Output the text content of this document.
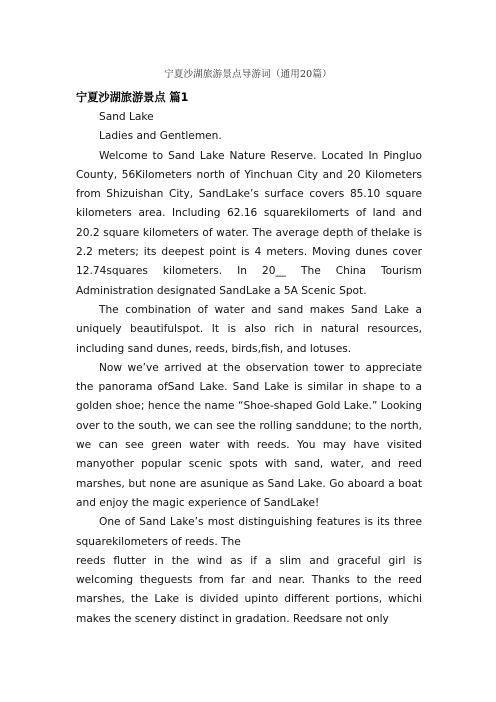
宁夏沙湖旅游景点导游词（通用20篇）
宁夏沙湖旅游景点 篇1

Sand Lake

Ladies and Gentlemen.

Welcome to Sand Lake Nature Reserve. Located In Pingluo County, 56Kilometers north of Yinchuan City and 20 Kilometers from Shizuishan City, SandLake’s surface covers 85.10 square kilometers area. Including 62.16 squarekilomerts of land and 20.2 square kilometers of water. The average depth of thelake is 2.2 meters; its deepest point is 4 meters. Moving dunes cover 12.74squares kilometers. In 20__ The China Tourism Administration designated SandLake a 5A Scenic Spot.

The combination of water and sand makes Sand Lake a uniquely beautifulspot. It is also rich in natural resources, including sand dunes, reeds, birds,fish, and lotuses.

Now we’ve arrived at the observation tower to appreciate the panorama ofSand Lake. Sand Lake is similar in shape to a golden shoe; hence the name “Shoe-shaped Gold Lake.” Looking over to the south, we can see the rolling sanddune; to the north, we can see green water with reeds. You may have visited manyother popular scenic spots with sand, water, and reed marshes, but none are asunique as Sand Lake. Go aboard a boat and enjoy the magic experience of SandLake!

One of Sand Lake’s most distinguishing features is its three squarekilometers of reeds. The

reeds flutter in the wind as if a slim and graceful girl is welcoming theguests from far and near. Thanks to the reed marshes, the Lake is divided upinto different portions, whichi makes the scenery distinct in gradation. Reedsare not only
